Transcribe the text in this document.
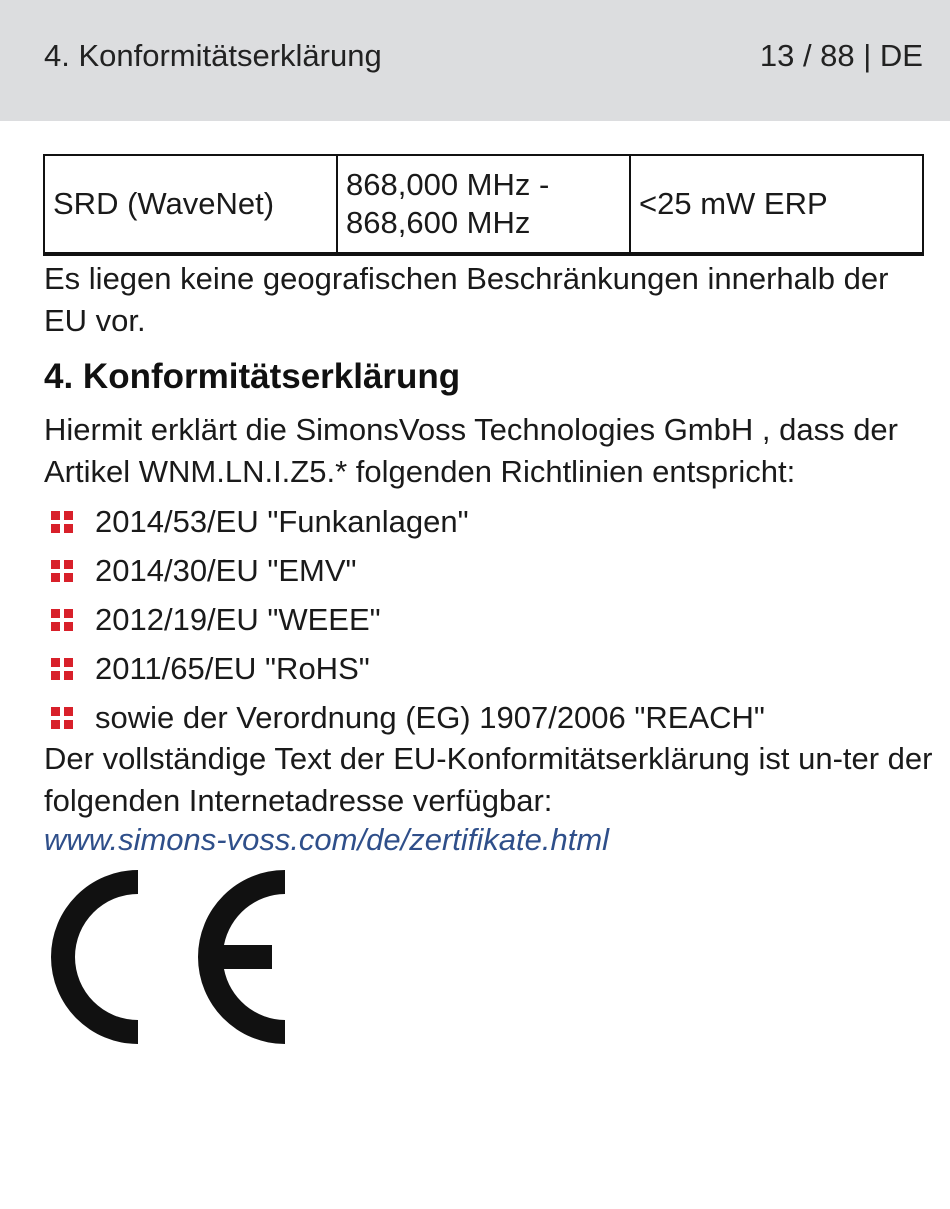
4. Konformitätserklärung	13 / 88 | DE
SRD (WaveNet)	868,000 MHz - 868,600 MHz	<25 mW ERP

Es liegen keine geografischen Beschränkungen innerhalb der EU vor.

4. Konformitätserklärung

Hiermit erklärt die SimonsVoss Technologies GmbH , dass der Artikel WNM.LN.I.Z5.* folgenden Richtlinien entspricht:

2014/53/EU "Funkanlagen"
2014/30/EU "EMV"
2012/19/EU "WEEE"
2011/65/EU "RoHS"
sowie der Verordnung (EG) 1907/2006 "REACH"

Der vollständige Text der EU-Konformitätserklärung ist un-ter der folgenden Internetadresse verfügbar:

www.simons-voss.com/de/zertifikate.html
